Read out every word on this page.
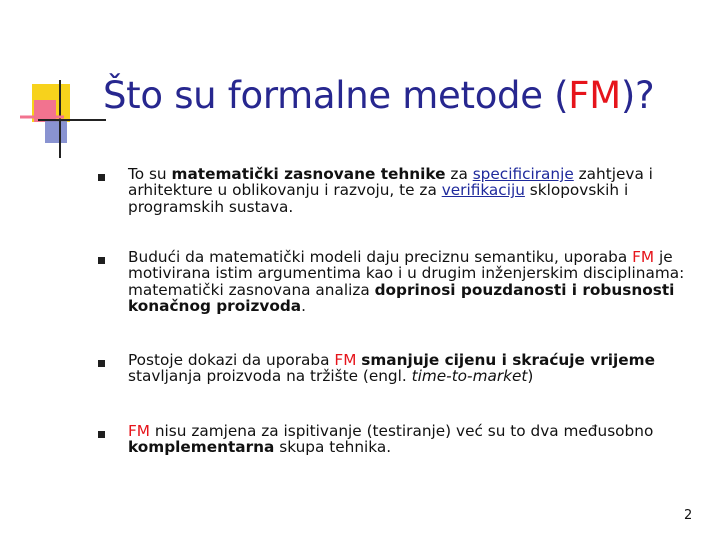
Što su formalne metode (FM)?
To su matematički zasnovane tehnike za specificiranje zahtjeva i arhitekture u oblikovanju i razvoju, te za verifikaciju sklopovskih i programskih sustava.
Budući da matematički modeli daju preciznu semantiku, uporaba FM je motivirana istim argumentima kao i u drugim inženjerskim disciplinama: matematički zasnovana analiza doprinosi pouzdanosti i robusnosti konačnog proizvoda.
Postoje dokazi da uporaba FM smanjuje cijenu i skraćuje vrijeme stavljanja proizvoda na tržište (engl. time-to-market)
FM nisu zamjena za ispitivanje (testiranje) već su to dva međusobno komplementarna skupa tehnika.
2
